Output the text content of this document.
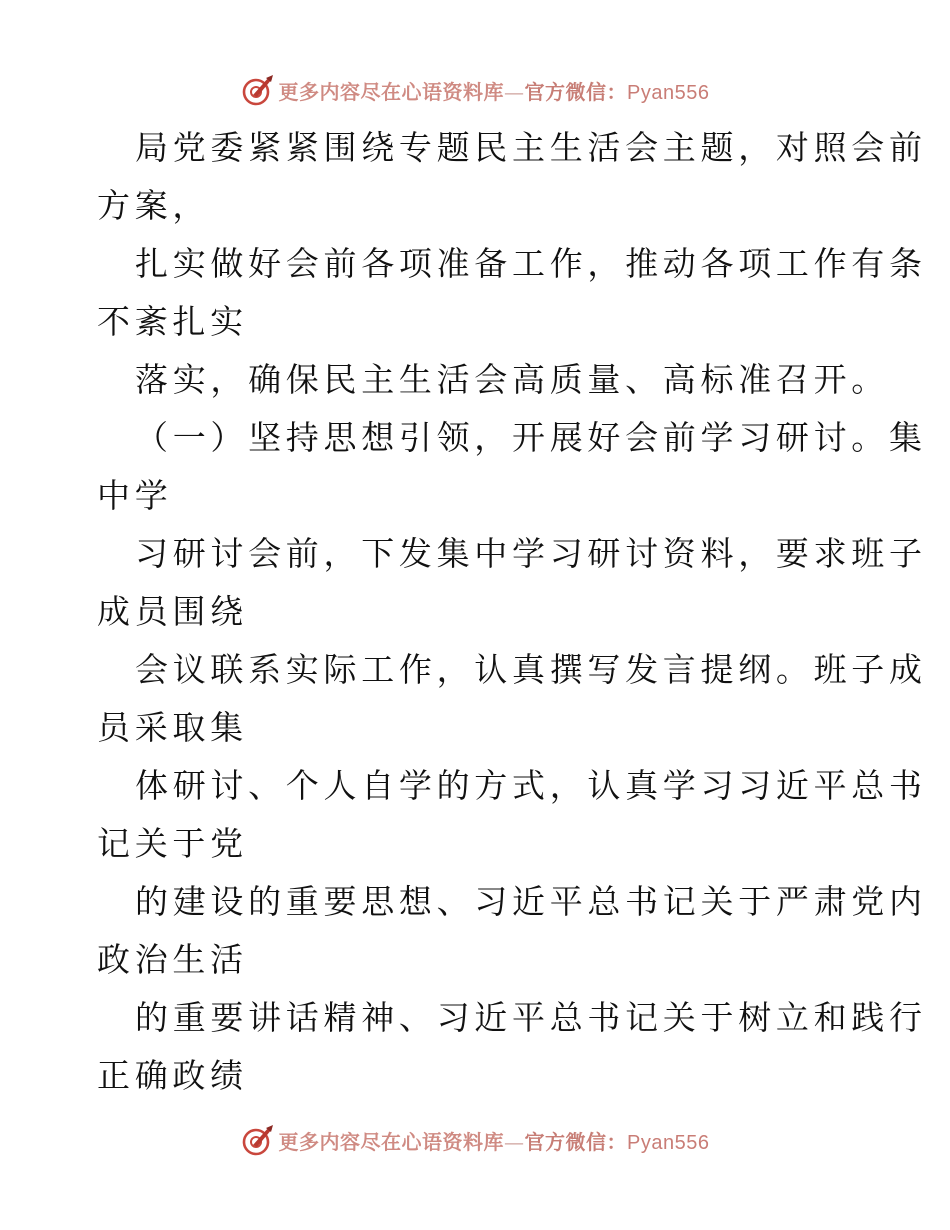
更多内容尽在心语资料库—官方微信：Pyan556
局党委紧紧围绕专题民主生活会主题，对照会前
方案，
扎实做好会前各项准备工作，推动各项工作有条
不紊扎实
落实，确保民主生活会高质量、高标准召开。
（一）坚持思想引领，开展好会前学习研讨。集
中学
习研讨会前，下发集中学习研讨资料，要求班子
成员围绕
会议联系实际工作，认真撰写发言提纲。班子成
员采取集
体研讨、个人自学的方式，认真学习习近平总书
记关于党
的建设的重要思想、习近平总书记关于严肃党内
政治生活
的重要讲话精神、习近平总书记关于树立和践行
正确政绩
更多内容尽在心语资料库—官方微信：Pyan556
